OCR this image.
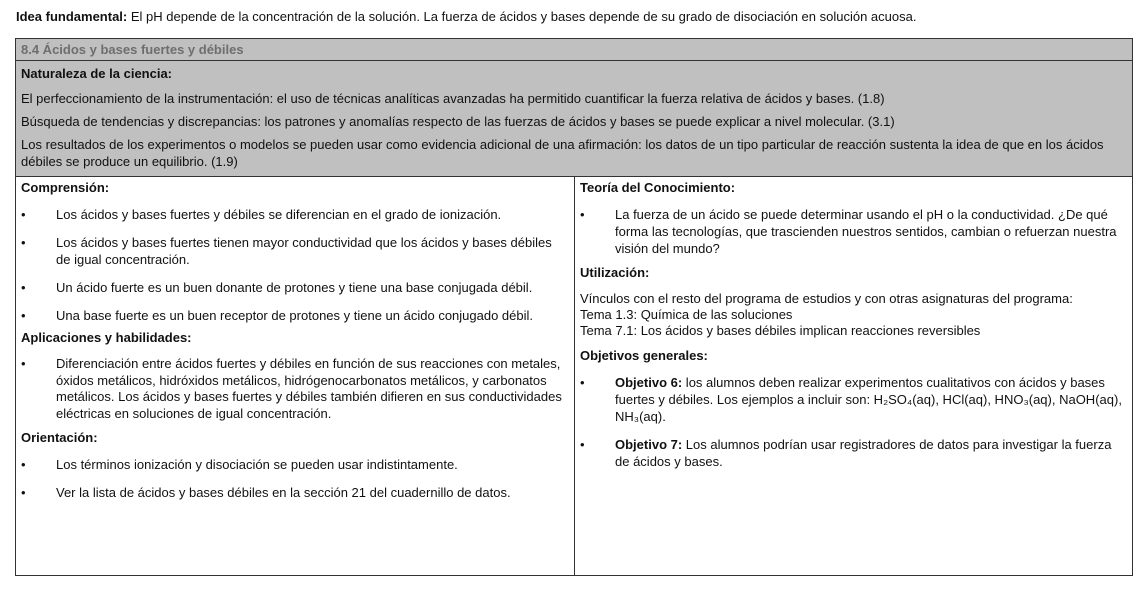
Idea fundamental: El pH depende de la concentración de la solución. La fuerza de ácidos y bases depende de su grado de disociación en solución acuosa.
8.4 Ácidos y bases fuertes y débiles

Naturaleza de la ciencia:

El perfeccionamiento de la instrumentación: el uso de técnicas analíticas avanzadas ha permitido cuantificar la fuerza relativa de ácidos y bases. (1.8)

Búsqueda de tendencias y discrepancias: los patrones y anomalías respecto de las fuerzas de ácidos y bases se puede explicar a nivel molecular. (3.1)

Los resultados de los experimentos o modelos se pueden usar como evidencia adicional de una afirmación: los datos de un tipo particular de reacción sustenta la idea de que en los ácidos débiles se produce un equilibrio. (1.9)

Comprensión:
• Los ácidos y bases fuertes y débiles se diferencian en el grado de ionización.
• Los ácidos y bases fuertes tienen mayor conductividad que los ácidos y bases débiles de igual concentración.
• Un ácido fuerte es un buen donante de protones y tiene una base conjugada débil.
• Una base fuerte es un buen receptor de protones y tiene un ácido conjugado débil.
Aplicaciones y habilidades:
• Diferenciación entre ácidos fuertes y débiles en función de sus reacciones con metales, óxidos metálicos, hidróxidos metálicos, hidrógenocarbonatos metálicos, y carbonatos metálicos. Los ácidos y bases fuertes y débiles también difieren en sus conductividades eléctricas en soluciones de igual concentración.
Orientación:
• Los términos ionización y disociación se pueden usar indistintamente.
• Ver la lista de ácidos y bases débiles en la sección 21 del cuadernillo de datos.

Teoría del Conocimiento:
• La fuerza de un ácido se puede determinar usando el pH o la conductividad. ¿De qué forma las tecnologías, que trascienden nuestros sentidos, cambian o refuerzan nuestra visión del mundo?
Utilización:
Vínculos con el resto del programa de estudios y con otras asignaturas del programa:
Tema 1.3: Química de las soluciones
Tema 7.1: Los ácidos y bases débiles implican reacciones reversibles
Objetivos generales:
• Objetivo 6: los alumnos deben realizar experimentos cualitativos con ácidos y bases fuertes y débiles. Los ejemplos a incluir son: H₂SO₄(aq), HCl(aq), HNO₃(aq), NaOH(aq), NH₃(aq).
• Objetivo 7: Los alumnos podrían usar registradores de datos para investigar la fuerza de ácidos y bases.
